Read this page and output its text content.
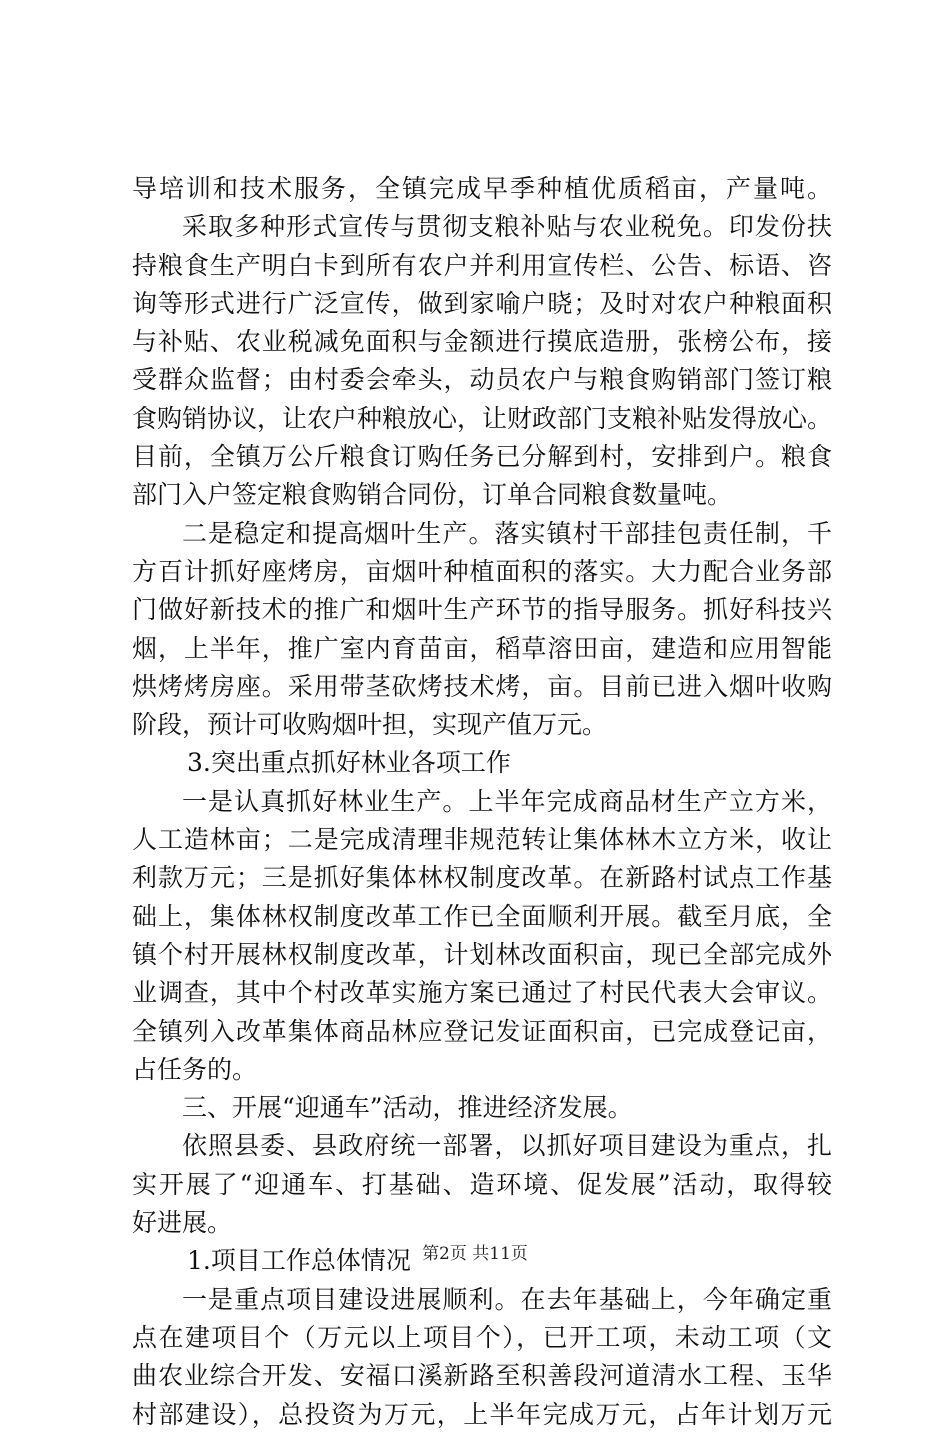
导培训和技术服务，全镇完成早季种植优质稻亩，产量吨。
采取多种形式宣传与贯彻支粮补贴与农业税免。印发份扶
持粮食生产明白卡到所有农户并利用宣传栏、公告、标语、咨
询等形式进行广泛宣传，做到家喻户晓；及时对农户种粮面积
与补贴、农业税减免面积与金额进行摸底造册，张榜公布，接
受群众监督；由村委会牵头，动员农户与粮食购销部门签订粮
食购销协议，让农户种粮放心，让财政部门支粮补贴发得放心。
目前，全镇万公斤粮食订购任务已分解到村，安排到户。粮食
部门入户签定粮食购销合同份，订单合同粮食数量吨。
二是稳定和提高烟叶生产。落实镇村干部挂包责任制，千
方百计抓好座烤房，亩烟叶种植面积的落实。大力配合业务部
门做好新技术的推广和烟叶生产环节的指导服务。抓好科技兴
烟，上半年，推广室内育苗亩，稻草溶田亩，建造和应用智能
烘烤烤房座。采用带茎砍烤技术烤，亩。目前已进入烟叶收购
阶段，预计可收购烟叶担，实现产值万元。
3.突出重点抓好林业各项工作
一是认真抓好林业生产。上半年完成商品材生产立方米，
人工造林亩；二是完成清理非规范转让集体林木立方米，收让
利款万元；三是抓好集体林权制度改革。在新路村试点工作基
础上，集体林权制度改革工作已全面顺利开展。截至月底，全
镇个村开展林权制度改革，计划林改面积亩，现已全部完成外
业调查，其中个村改革实施方案已通过了村民代表大会审议。
全镇列入改革集体商品林应登记发证面积亩，已完成登记亩，
占任务的。
三、开展“迎通车”活动，推进经济发展。
依照县委、县政府统一部署，以抓好项目建设为重点，扎
实开展了“迎通车、打基础、造环境、促发展”活动，取得较
好进展。
1.项目工作总体情况
一是重点项目建设进展顺利。在去年基础上，今年确定重
点在建项目个（万元以上项目个），已开工项，未动工项（文
曲农业综合开发、安福口溪新路至积善段河道清水工程、玉华
村部建设），总投资为万元，上半年完成万元，占年计划万元
第2页 共11页
